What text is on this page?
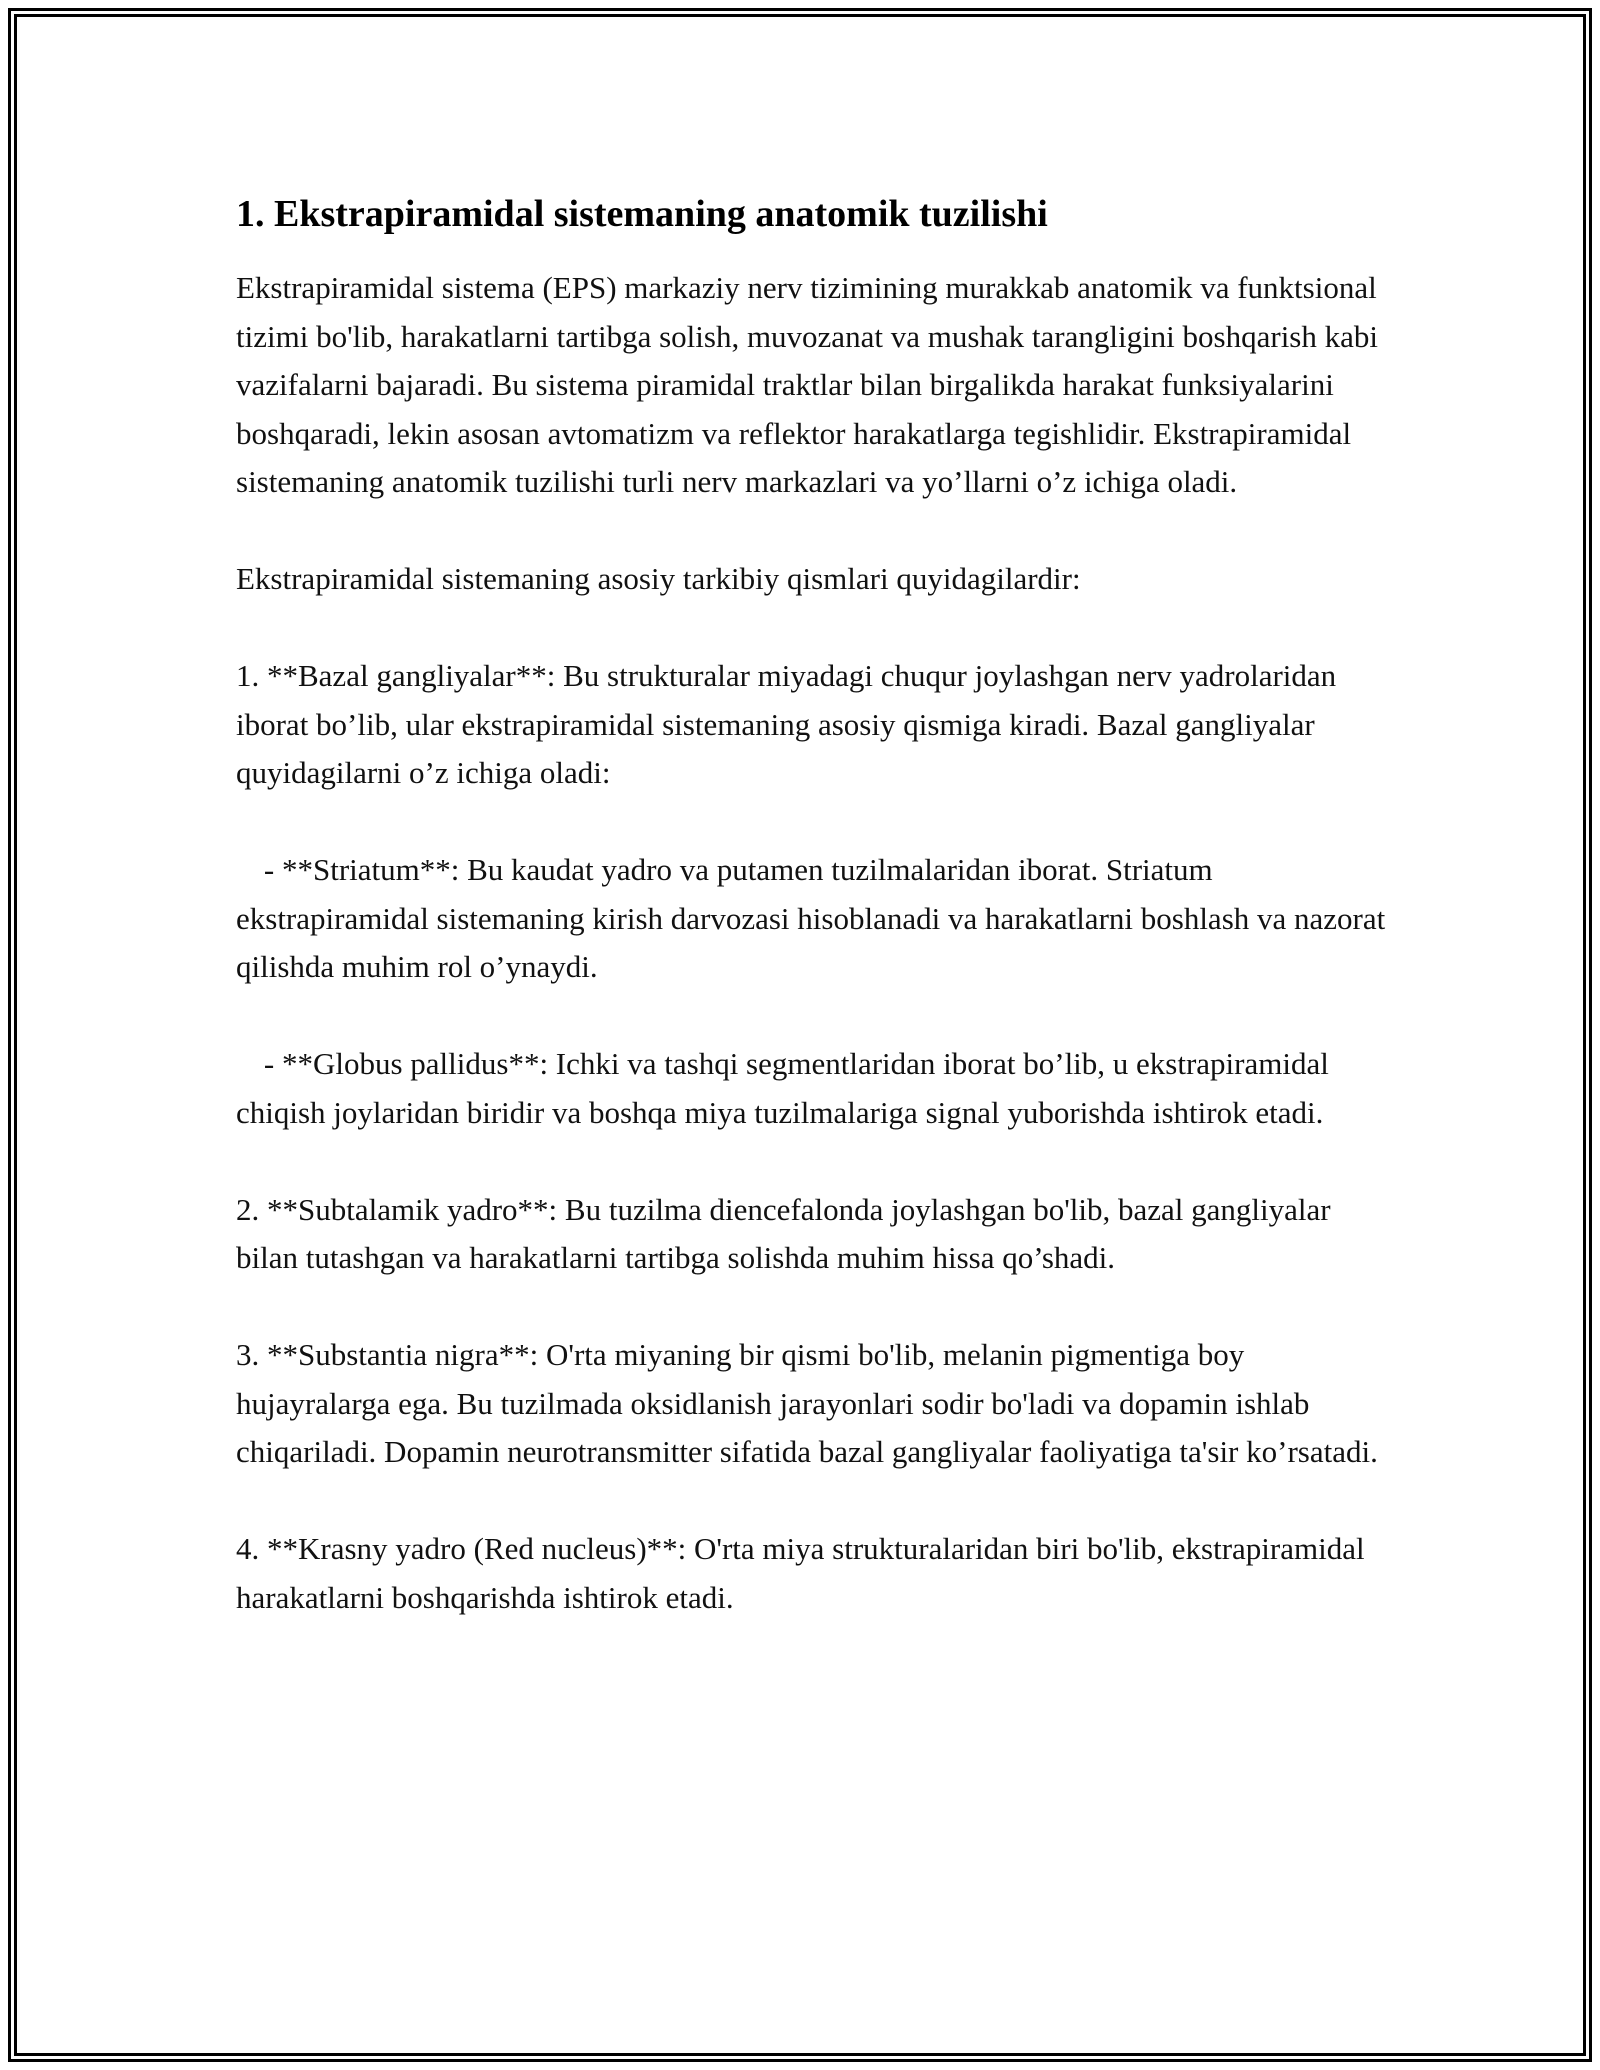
1. Ekstrapiramidal sistemaning anatomik tuzilishi

Ekstrapiramidal sistema (EPS) markaziy nerv tizimining murakkab anatomik va funktsional tizimi bo'lib, harakatlarni tartibga solish, muvozanat va mushak tarangligini boshqarish kabi vazifalarni bajaradi. Bu sistema piramidal traktlar bilan birgalikda harakat funksiyalarini boshqaradi, lekin asosan avtomatizm va reflektor harakatlarga tegishlidir. Ekstrapiramidal sistemaning anatomik tuzilishi turli nerv markazlari va yo’llarni o’z ichiga oladi.

Ekstrapiramidal sistemaning asosiy tarkibiy qismlari quyidagilardir:

1. **Bazal gangliyalar**: Bu strukturalar miyadagi chuqur joylashgan nerv yadrolaridan iborat bo’lib, ular ekstrapiramidal sistemaning asosiy qismiga kiradi. Bazal gangliyalar quyidagilarni o’z ichiga oladi:

- **Striatum**: Bu kaudat yadro va putamen tuzilmalaridan iborat. Striatum ekstrapiramidal sistemaning kirish darvozasi hisoblanadi va harakatlarni boshlash va nazorat qilishda muhim rol o’ynaydi.

- **Globus pallidus**: Ichki va tashqi segmentlaridan iborat bo’lib, u ekstrapiramidal chiqish joylaridan biridir va boshqa miya tuzilmalariga signal yuborishda ishtirok etadi.

2. **Subtalamik yadro**: Bu tuzilma diencefalonda joylashgan bo'lib, bazal gangliyalar bilan tutashgan va harakatlarni tartibga solishda muhim hissa qo’shadi.

3. **Substantia nigra**: O'rta miyaning bir qismi bo'lib, melanin pigmentiga boy hujayralarga ega. Bu tuzilmada oksidlanish jarayonlari sodir bo'ladi va dopamin ishlab chiqariladi. Dopamin neurotransmitter sifatida bazal gangliyalar faoliyatiga ta'sir ko’rsatadi.

4. **Krasny yadro (Red nucleus)**: O'rta miya strukturalaridan biri bo'lib, ekstrapiramidal harakatlarni boshqarishda ishtirok etadi.
